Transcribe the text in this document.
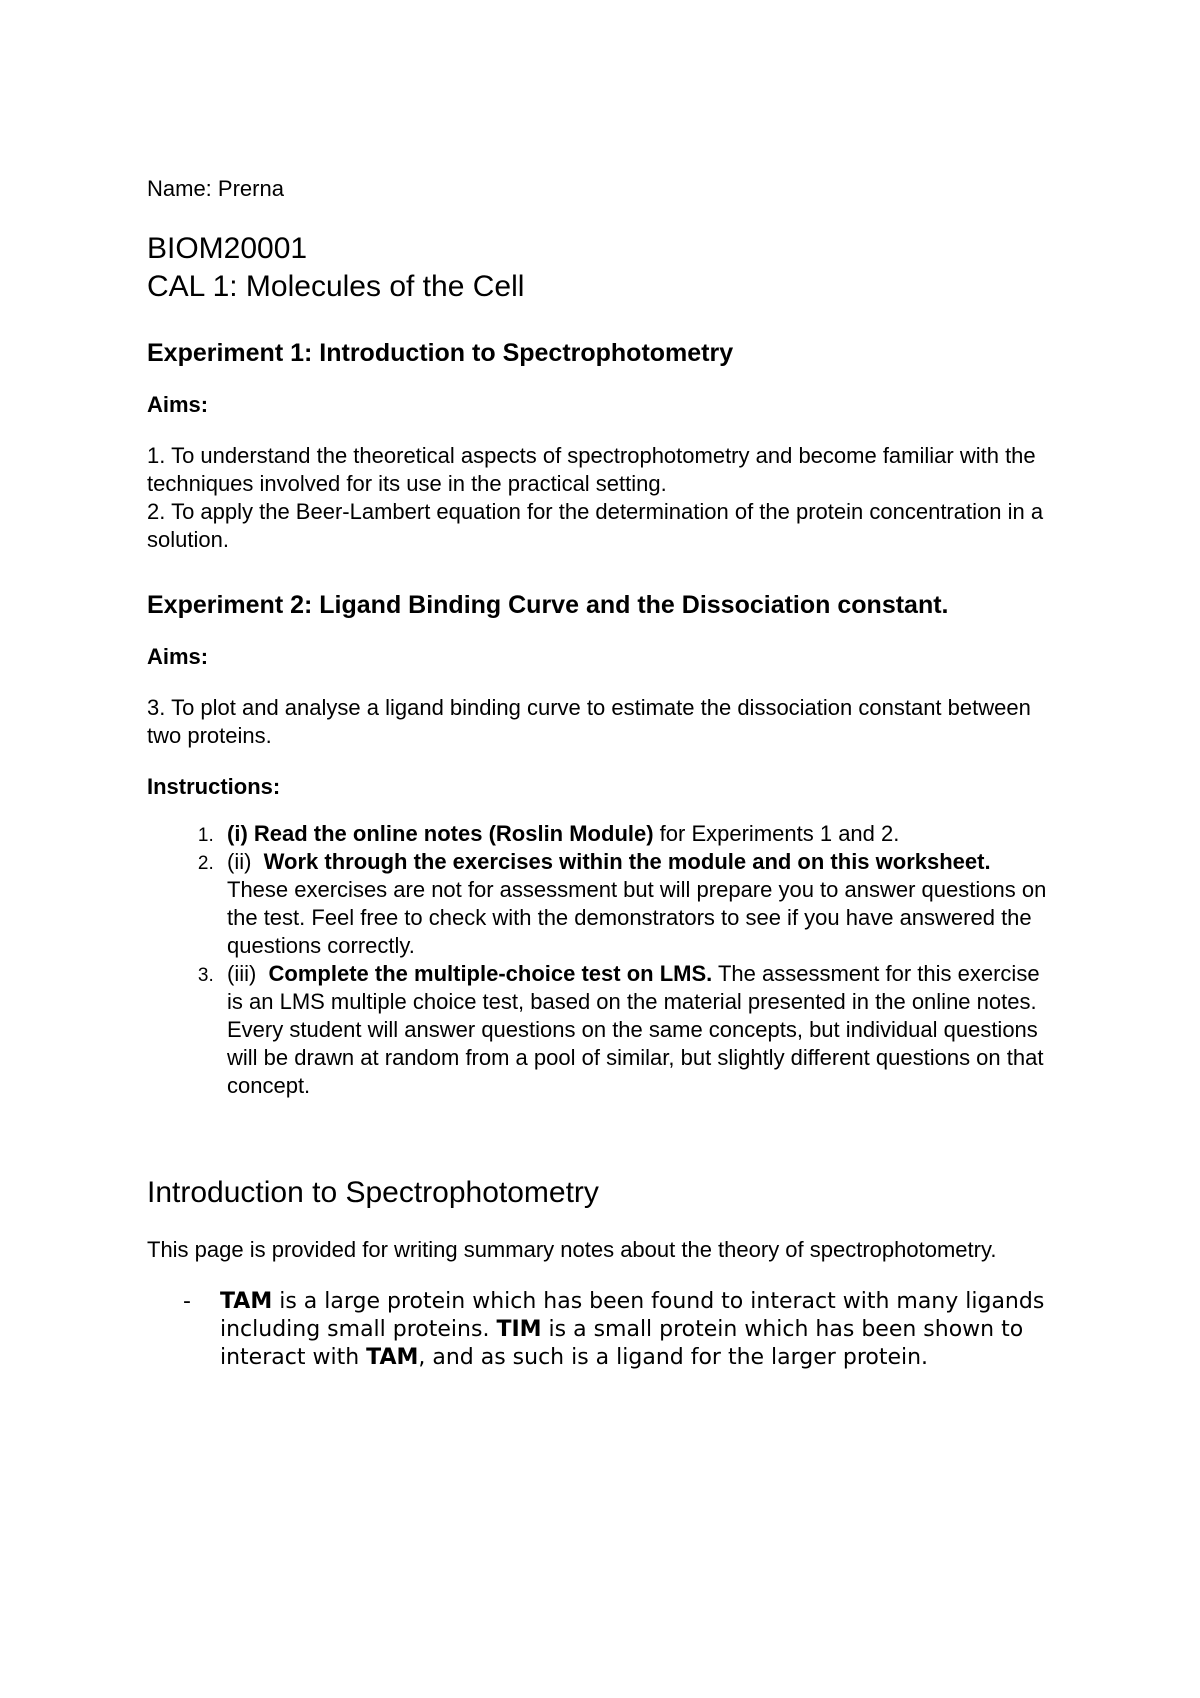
Name: Prerna

BIOM20001
CAL 1: Molecules of the Cell
Experiment 1: Introduction to Spectrophotometry

Aims:

1. To understand the theoretical aspects of spectrophotometry and become familiar with the techniques involved for its use in the practical setting.

2. To apply the Beer-Lambert equation for the determination of the protein concentration in a solution.

Experiment 2: Ligand Binding Curve and the Dissociation constant.

Aims:

3. To plot and analyse a ligand binding curve to estimate the dissociation constant between two proteins.

Instructions:

1. (i) Read the online notes (Roslin Module) for Experiments 1 and 2.
2. (ii)  Work through the exercises within the module and on this worksheet. These exercises are not for assessment but will prepare you to answer questions on the test. Feel free to check with the demonstrators to see if you have answered the questions correctly.
3. (iii)  Complete the multiple-choice test on LMS. The assessment for this exercise is an LMS multiple choice test, based on the material presented in the online notes. Every student will answer questions on the same concepts, but individual questions will be drawn at random from a pool of similar, but slightly different questions on that concept.
Introduction to Spectrophotometry

This page is provided for writing summary notes about the theory of spectrophotometry.

- TAM is a large protein which has been found to interact with many ligands including small proteins. TIM is a small protein which has been shown to interact with TAM, and as such is a ligand for the larger protein.
